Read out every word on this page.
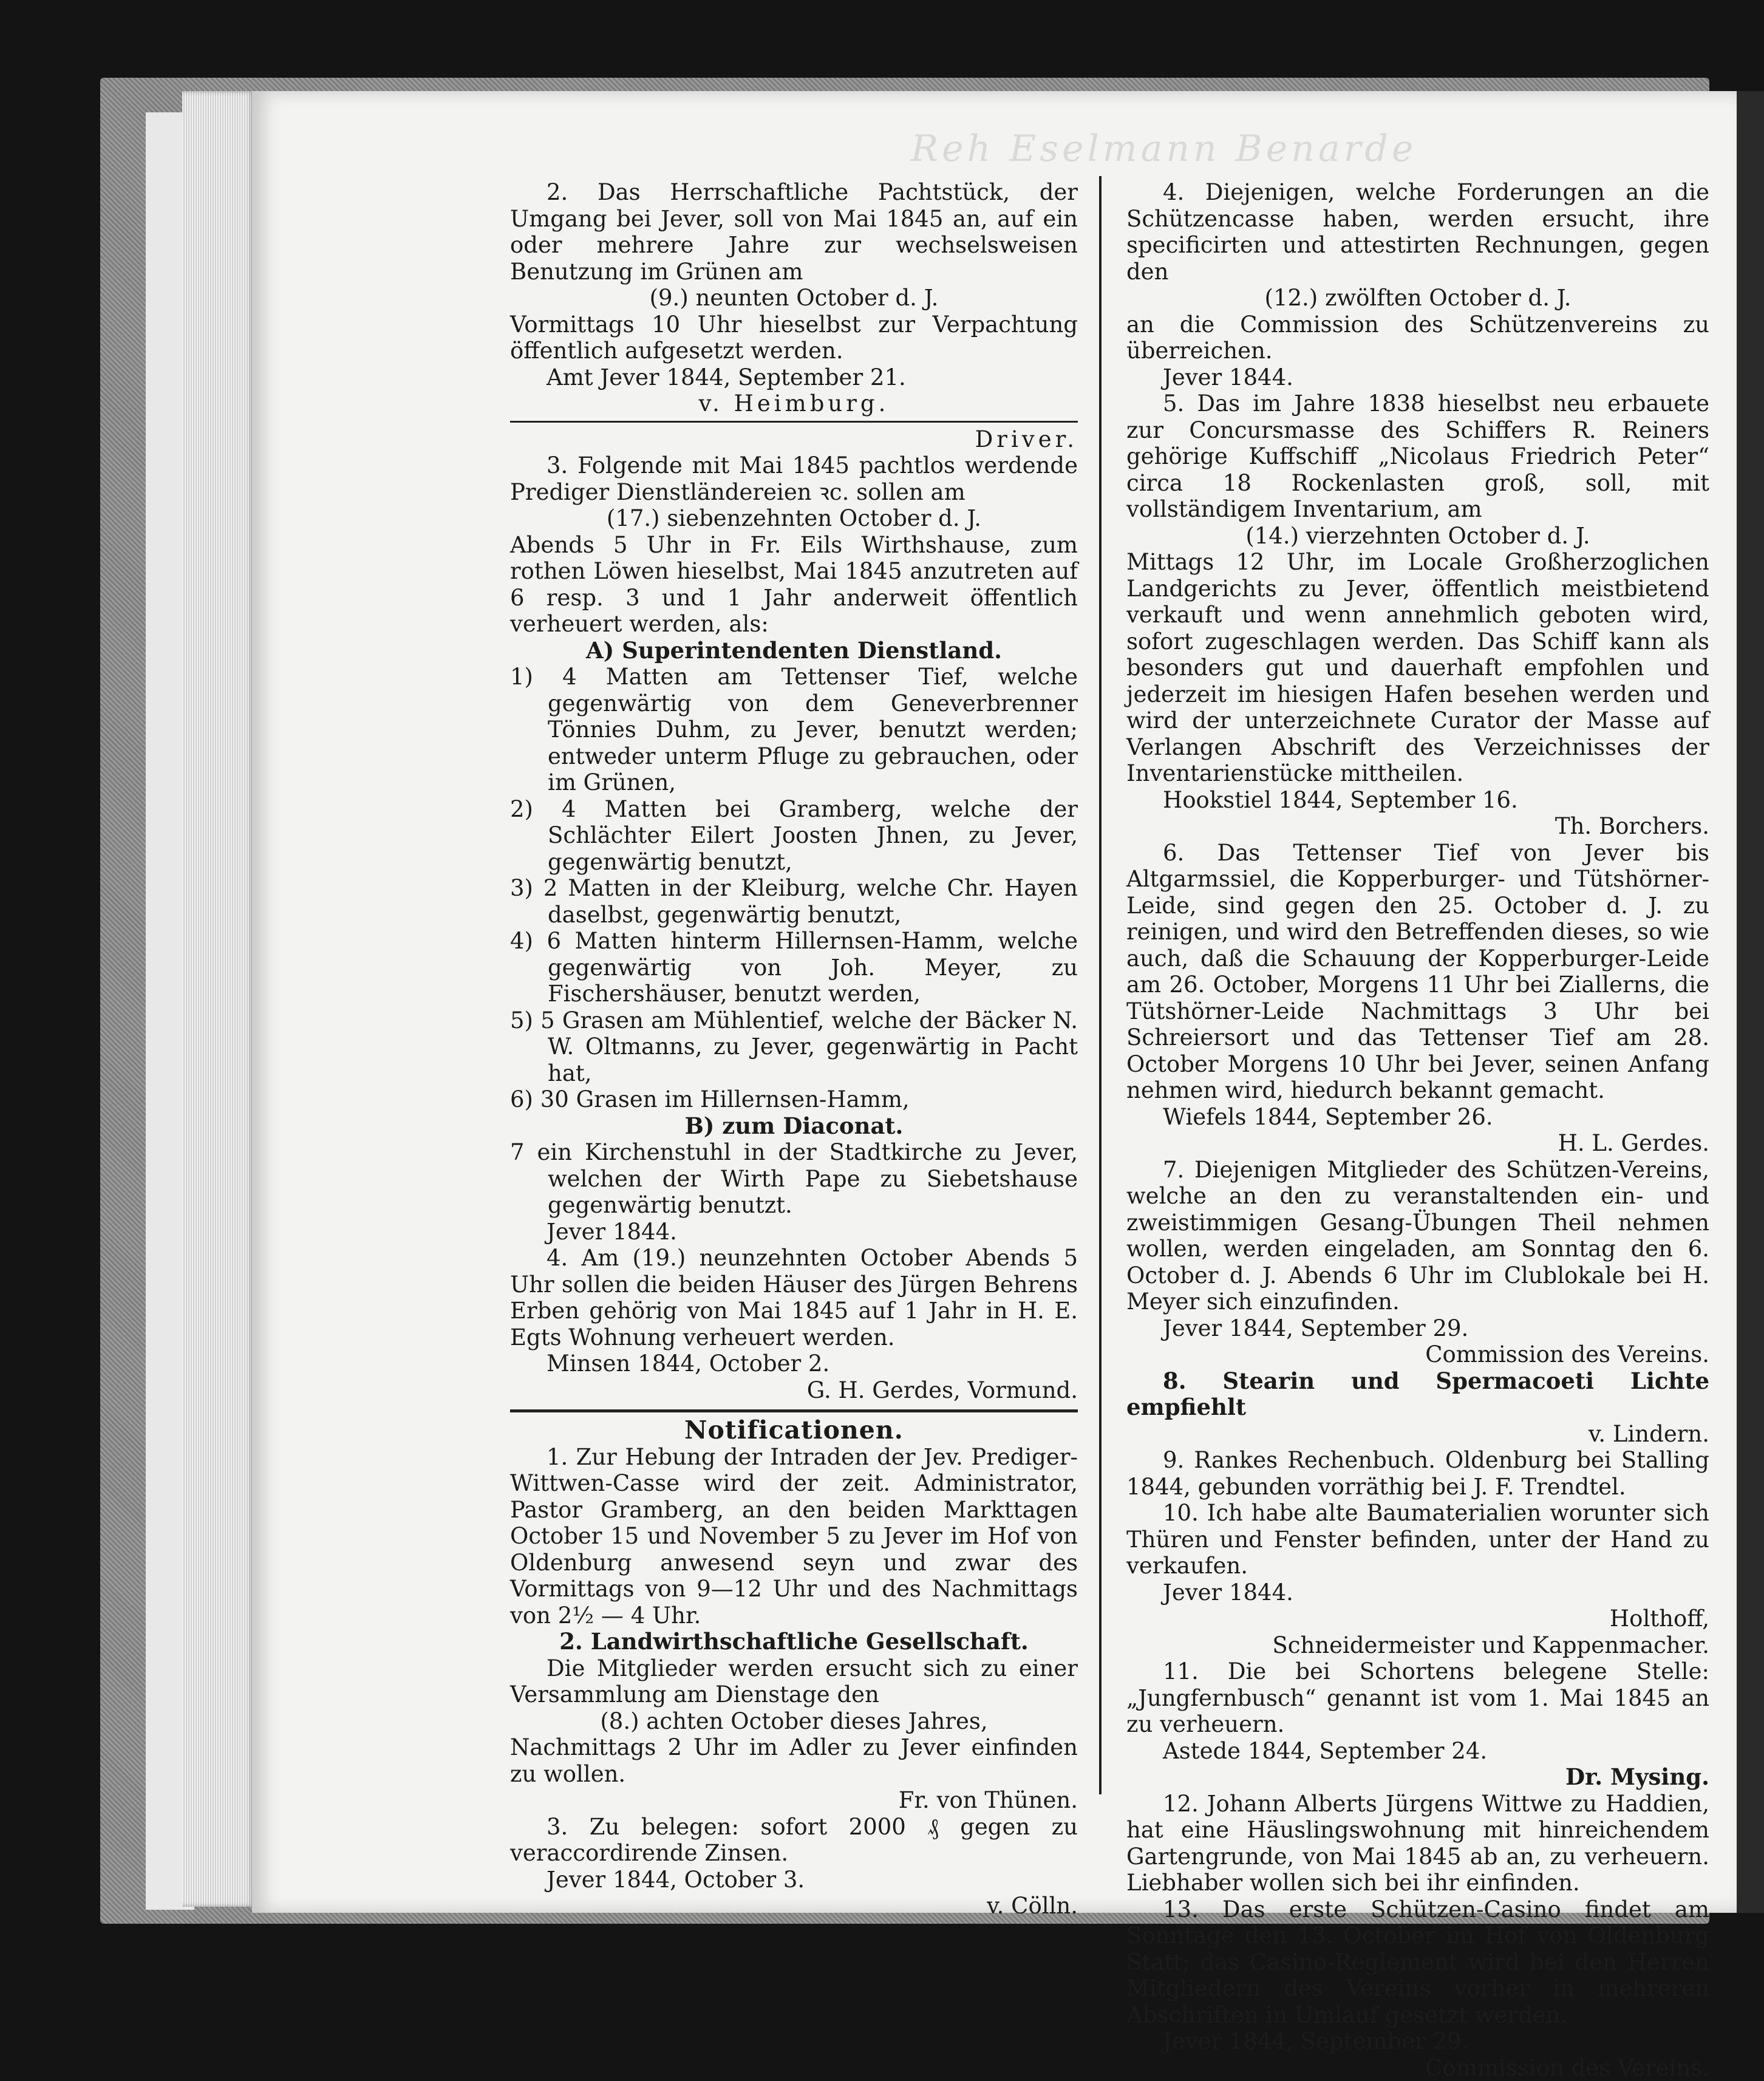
Reh Eselmann Benarde

2. Das Herrschaftliche Pachtstück, der Umgang bei Jever, soll von Mai 1845 an, auf ein oder mehrere Jahre zur wechselsweisen Benutzung im Grünen am

(9.) neunten October d. J.

Vormittags 10 Uhr hieselbst zur Verpachtung öffentlich aufgesetzt werden.

Amt Jever 1844, September 21.

v. Heimburg.

Driver.

3. Folgende mit Mai 1845 pachtlos werdende Prediger Dienstländereien ꝛc. sollen am

(17.) siebenzehnten October d. J.

Abends 5 Uhr in Fr. Eils Wirthshause, zum rothen Löwen hieselbst, Mai 1845 anzutreten auf 6 resp. 3 und 1 Jahr anderweit öffentlich verheuert werden, als:

A) Superintendenten Dienstland.

1) 4 Matten am Tettenser Tief, welche gegenwärtig von dem Geneverbrenner Tönnies Duhm, zu Jever, benutzt werden; entweder unterm Pfluge zu gebrauchen, oder im Grünen,

2) 4 Matten bei Gramberg, welche der Schlächter Eilert Joosten Jhnen, zu Jever, gegenwärtig benutzt,

3) 2 Matten in der Kleiburg, welche Chr. Hayen daselbst, gegenwärtig benutzt,

4) 6 Matten hinterm Hillernsen-Hamm, welche gegenwärtig von Joh. Meyer, zu Fischershäuser, benutzt werden,

5) 5 Grasen am Mühlentief, welche der Bäcker N. W. Oltmanns, zu Jever, gegenwärtig in Pacht hat,

6) 30 Grasen im Hillernsen-Hamm,

B) zum Diaconat.

7 ein Kirchenstuhl in der Stadtkirche zu Jever, welchen der Wirth Pape zu Siebetshause gegenwärtig benutzt.

Jever 1844.

4. Am (19.) neunzehnten October Abends 5 Uhr sollen die beiden Häuser des Jürgen Behrens Erben gehörig von Mai 1845 auf 1 Jahr in H. E. Egts Wohnung verheuert werden.

Minsen 1844, October 2.

G. H. Gerdes, Vormund.

Notificationen.

1. Zur Hebung der Intraden der Jev. Prediger-Wittwen-Casse wird der zeit. Administrator, Pastor Gramberg, an den beiden Markttagen October 15 und November 5 zu Jever im Hof von Oldenburg anwesend seyn und zwar des Vormittags von 9—12 Uhr und des Nachmittags von 2½ — 4 Uhr.

2. Landwirthschaftliche Gesellschaft.

Die Mitglieder werden ersucht sich zu einer Versammlung am Dienstage den

(8.) achten October dieses Jahres,

Nachmittags 2 Uhr im Adler zu Jever einfinden zu wollen.

Fr. von Thünen.

3. Zu belegen: sofort 2000 ₰ gegen zu veraccordirende Zinsen.

Jever 1844, October 3.

v. Cölln.

4. Diejenigen, welche Forderungen an die Schützencasse haben, werden ersucht, ihre specificirten und attestirten Rechnungen, gegen den

(12.) zwölften October d. J.

an die Commission des Schützenvereins zu überreichen.

Jever 1844.

5. Das im Jahre 1838 hieselbst neu erbauete zur Concursmasse des Schiffers R. Reiners gehörige Kuffschiff „Nicolaus Friedrich Peter“ circa 18 Rockenlasten groß, soll, mit vollständigem Inventarium, am

(14.) vierzehnten October d. J.

Mittags 12 Uhr, im Locale Großherzoglichen Landgerichts zu Jever, öffentlich meistbietend verkauft und wenn annehmlich geboten wird, sofort zugeschlagen werden. Das Schiff kann als besonders gut und dauerhaft empfohlen und jederzeit im hiesigen Hafen besehen werden und wird der unterzeichnete Curator der Masse auf Verlangen Abschrift des Verzeichnisses der Inventarienstücke mittheilen.

Hookstiel 1844, September 16.

Th. Borchers.

6. Das Tettenser Tief von Jever bis Altgarmssiel, die Kopperburger- und Tütshörner-Leide, sind gegen den 25. October d. J. zu reinigen, und wird den Betreffenden dieses, so wie auch, daß die Schauung der Kopperburger-Leide am 26. October, Morgens 11 Uhr bei Ziallerns, die Tütshörner-Leide Nachmittags 3 Uhr bei Schreiersort und das Tettenser Tief am 28. October Morgens 10 Uhr bei Jever, seinen Anfang nehmen wird, hiedurch bekannt gemacht.

Wiefels 1844, September 26.

H. L. Gerdes.

7. Diejenigen Mitglieder des Schützen-Vereins, welche an den zu veranstaltenden ein- und zweistimmigen Gesang-Übungen Theil nehmen wollen, werden eingeladen, am Sonntag den 6. October d. J. Abends 6 Uhr im Clublokale bei H. Meyer sich einzufinden.

Jever 1844, September 29.

Commission des Vereins.

8. Stearin und Spermacoeti Lichte empfiehlt

v. Lindern.

9. Rankes Rechenbuch. Oldenburg bei Stalling 1844, gebunden vorräthig bei J. F. Trendtel.

10. Ich habe alte Baumaterialien worunter sich Thüren und Fenster befinden, unter der Hand zu verkaufen.

Jever 1844.

Holthoff,

Schneidermeister und Kappenmacher.

11. Die bei Schortens belegene Stelle: „Jungfernbusch“ genannt ist vom 1. Mai 1845 an zu verheuern.

Astede 1844, September 24.

Dr. Mysing.

12. Johann Alberts Jürgens Wittwe zu Haddien, hat eine Häuslingswohnung mit hinreichendem Gartengrunde, von Mai 1845 ab an, zu verheuern. Liebhaber wollen sich bei ihr einfinden.

13. Das erste Schützen-Casino findet am Sonntage den 13. October im Hof von Oldenburg Statt; das Casino-Reglement wird bei den Herren Mitgliedern des Vereins vorher in mehreren Abschriften in Umlauf gesetzt werden.

Jever 1844, September 29.

Commission des Vereins.
